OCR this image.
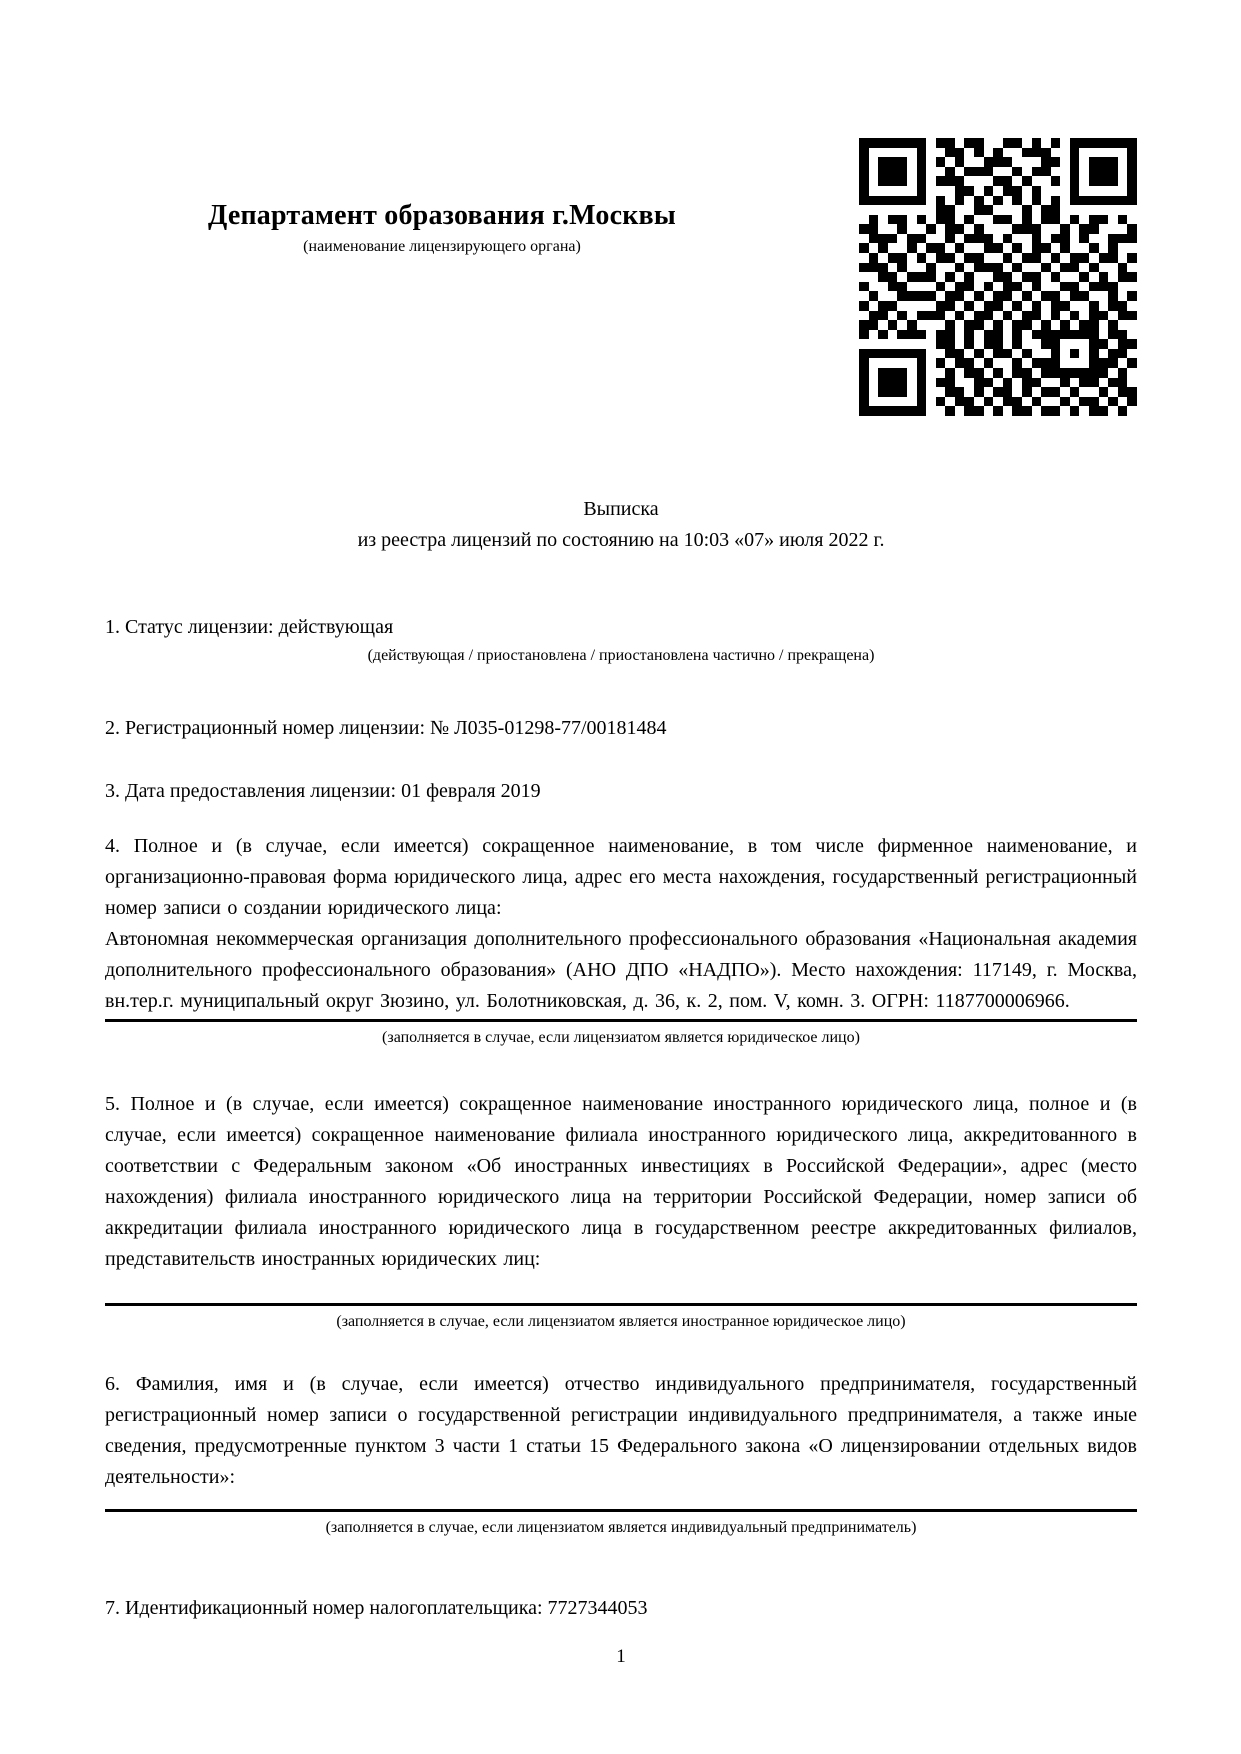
Департамент образования г.Москвы
(наименование лицензирующего органа)
Выписка
из реестра лицензий по состоянию на 10:03 «07» июля 2022 г.

1. Статус лицензии: действующая

(действующая / приостановлена / приостановлена частично / прекращена)

2. Регистрационный номер лицензии: № Л035-01298-77/00181484

3. Дата предоставления лицензии: 01 февраля 2019

4. Полное и (в случае, если имеется) сокращенное наименование, в том числе фирменное наименование, и организационно-правовая форма юридического лица, адрес его места нахождения, государственный регистрационный номер записи о создании юридического лица:

Автономная некоммерческая организация дополнительного профессионального образования «Национальная академия дополнительного профессионального образования» (АНО ДПО «НАДПО»). Место нахождения: 117149, г. Москва, вн.тер.г. муниципальный округ Зюзино, ул. Болотниковская, д. 36, к. 2, пом. V, комн. 3. ОГРН: 1187700006966.

(заполняется в случае, если лицензиатом является юридическое лицо)

5. Полное и (в случае, если имеется) сокращенное наименование иностранного юридического лица, полное и (в случае, если имеется) сокращенное наименование филиала иностранного юридического лица, аккредитованного в соответствии с Федеральным законом «Об иностранных инвестициях в Российской Федерации», адрес (место нахождения) филиала иностранного юридического лица на территории Российской Федерации, номер записи об аккредитации филиала иностранного юридического лица в государственном реестре аккредитованных филиалов, представительств иностранных юридических лиц:

(заполняется в случае, если лицензиатом является иностранное юридическое лицо)

6. Фамилия, имя и (в случае, если имеется) отчество индивидуального предпринимателя, государственный регистрационный номер записи о государственной регистрации индивидуального предпринимателя, а также иные сведения, предусмотренные пунктом 3 части 1 статьи 15 Федерального закона «О лицензировании отдельных видов деятельности»:

(заполняется в случае, если лицензиатом является индивидуальный предприниматель)

7. Идентификационный номер налогоплательщика: 7727344053

1
